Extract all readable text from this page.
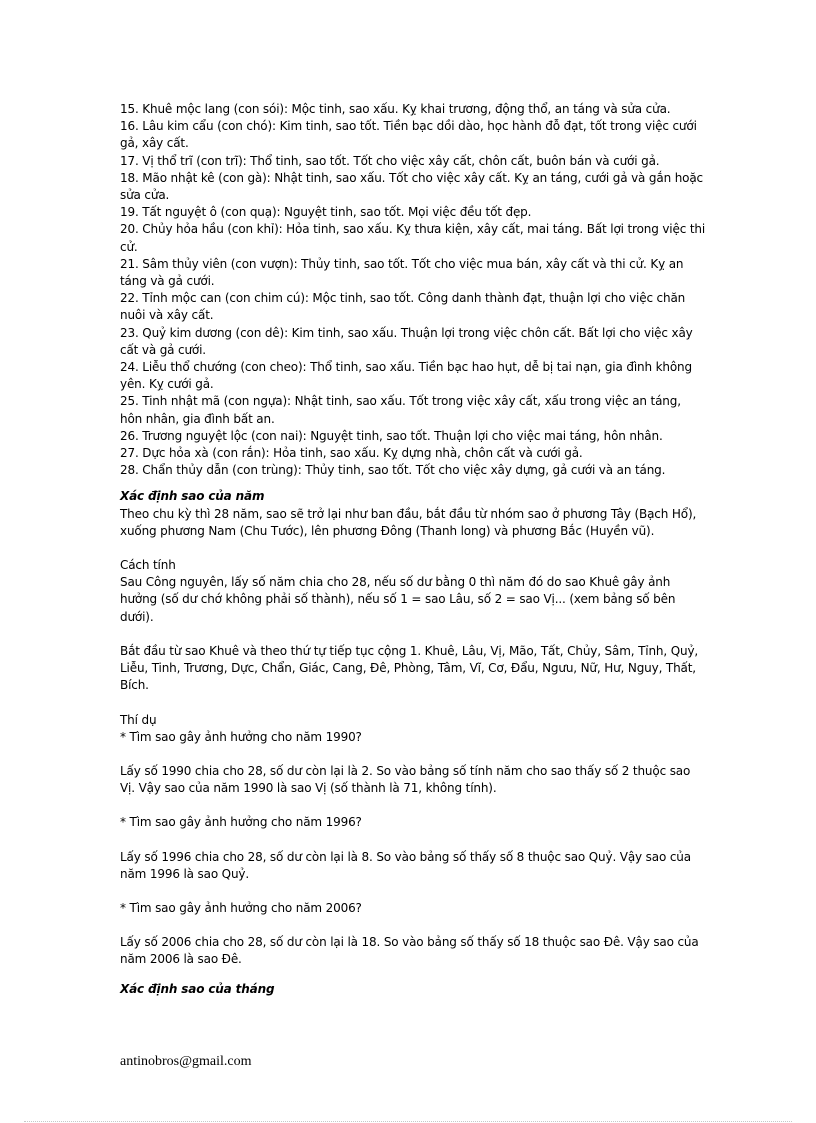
15. Khuê mộc lang (con sói): Mộc tinh, sao xấu. Kỵ khai trương, động thổ, an táng và sửa cửa.

16. Lâu kim cẩu (con chó): Kim tinh, sao tốt. Tiền bạc dồi dào, học hành đỗ đạt, tốt trong việc cưới gả, xây cất.

17. Vị thổ trĩ (con trĩ): Thổ tinh, sao tốt. Tốt cho việc xây cất, chôn cất, buôn bán và cưới gả.

18. Mão nhật kê (con gà): Nhật tinh, sao xấu. Tốt cho việc xây cất. Kỵ an táng, cưới gả và gắn hoặc sửa cửa.

19. Tất nguyệt ô (con quạ): Nguyệt tinh, sao tốt. Mọi việc đều tốt đẹp.

20. Chủy hỏa hầu (con khỉ): Hỏa tinh, sao xấu. Kỵ thưa kiện, xây cất, mai táng. Bất lợi trong việc thi cử.

21. Sâm thủy viên (con vượn): Thủy tinh, sao tốt. Tốt cho việc mua bán, xây cất và thi cử. Kỵ an táng và gả cưới.

22. Tỉnh mộc can (con chim cú): Mộc tinh, sao tốt. Công danh thành đạt, thuận lợi cho việc chăn nuôi và xây cất.

23. Quỷ kim dương (con dê): Kim tinh, sao xấu. Thuận lợi trong việc chôn cất. Bất lợi cho việc xây cất và gả cưới.

24. Liễu thổ chướng (con cheo): Thổ tinh, sao xấu. Tiền bạc hao hụt, dễ bị tai nạn, gia đình không yên. Kỵ cưới gả.

25. Tinh nhật mã (con ngựa): Nhật tinh, sao xấu. Tốt trong việc xây cất, xấu trong việc an táng, hôn nhân, gia đình bất an.

26. Trương nguyệt lộc (con nai): Nguyệt tinh, sao tốt. Thuận lợi cho việc mai táng, hôn nhân.

27. Dực hỏa xà (con rắn): Hỏa tinh, sao xấu. Kỵ dựng nhà, chôn cất và cưới gả.

28. Chẩn thủy dẫn (con trùng): Thủy tinh, sao tốt. Tốt cho việc xây dựng, gả cưới và an táng.

Xác định sao của năm

Theo chu kỳ thì 28 năm, sao sẽ trở lại như ban đầu, bắt đầu từ nhóm sao ở phương Tây (Bạch Hổ), xuống phương Nam (Chu Tước), lên phương Đông (Thanh long) và phương Bắc (Huyền vũ).

Cách tính

Sau Công nguyên, lấy số năm chia cho 28, nếu số dư bằng 0 thì năm đó do sao Khuê gây ảnh hưởng (số dư chớ không phải số thành), nếu số 1 = sao Lâu, số 2 = sao Vị... (xem bảng số bên dưới).

Bắt đầu từ sao Khuê và theo thứ tự tiếp tục cộng 1. Khuê, Lâu, Vị, Mão, Tất, Chủy, Sâm, Tỉnh, Quỷ, Liễu, Tinh, Trương, Dực, Chẩn, Giác, Cang, Đê, Phòng, Tâm, Vĩ, Cơ, Đẩu, Ngưu, Nữ, Hư, Nguy, Thất, Bích.

Thí dụ

* Tìm sao gây ảnh hưởng cho năm 1990?

Lấy số 1990 chia cho 28, số dư còn lại là 2. So vào bảng số tính năm cho sao thấy số 2 thuộc sao Vị. Vậy sao của năm 1990 là sao Vị (số thành là 71, không tính).

* Tìm sao gây ảnh hưởng cho năm 1996?

Lấy số 1996 chia cho 28, số dư còn lại là 8. So vào bảng số thấy số 8 thuộc sao Quỷ. Vậy sao của năm 1996 là sao Quỷ.

* Tìm sao gây ảnh hưởng cho năm 2006?

Lấy số 2006 chia cho 28, số dư còn lại là 18. So vào bảng số thấy số 18 thuộc sao Đê. Vậy sao của năm 2006 là sao Đê.

Xác định sao của tháng

antinobros@gmail.com
